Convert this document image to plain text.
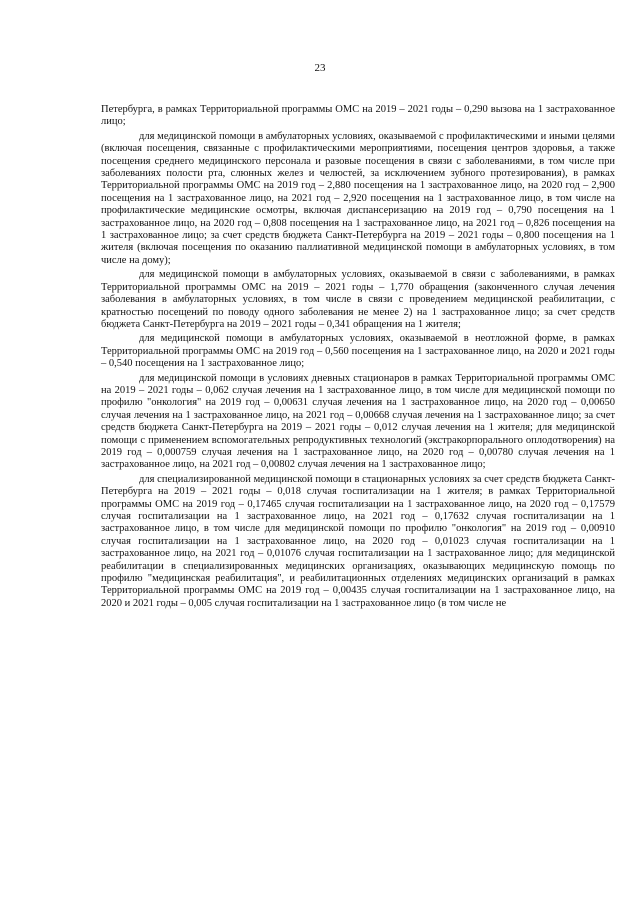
23

Петербурга, в рамках Территориальной программы ОМС на 2019 – 2021 годы – 0,290 вызова на 1 застрахованное лицо;

для медицинской помощи в амбулаторных условиях, оказываемой с профилактическими и иными целями (включая посещения, связанные с профилактическими мероприятиями, посещения центров здоровья, а также посещения среднего медицинского персонала и разовые посещения в связи с заболеваниями, в том числе при заболеваниях полости рта, слюнных желез и челюстей, за исключением зубного протезирования), в рамках Территориальной программы ОМС на 2019 год – 2,880 посещения на 1 застрахованное лицо, на 2020 год – 2,900 посещения на 1 застрахованное лицо, на 2021 год – 2,920 посещения на 1 застрахованное лицо, в том числе на профилактические медицинские осмотры, включая диспансеризацию на 2019 год – 0,790 посещения на 1 застрахованное лицо, на 2020 год – 0,808 посещения на 1 застрахованное лицо, на 2021 год – 0,826 посещения на 1 застрахованное лицо; за счет средств бюджета Санкт-Петербурга на 2019 – 2021 годы – 0,800 посещения на 1 жителя (включая посещения по оказанию паллиативной медицинской помощи в амбулаторных условиях, в том числе на дому);

для медицинской помощи в амбулаторных условиях, оказываемой в связи с заболеваниями, в рамках Территориальной программы ОМС на 2019 – 2021 годы – 1,770 обращения (законченного случая лечения заболевания в амбулаторных условиях, в том числе в связи с проведением медицинской реабилитации, с кратностью посещений по поводу одного заболевания не менее 2) на 1 застрахованное лицо; за счет средств бюджета Санкт-Петербурга на 2019 – 2021 годы – 0,341 обращения на 1 жителя;

для медицинской помощи в амбулаторных условиях, оказываемой в неотложной форме, в рамках Территориальной программы ОМС на 2019 год – 0,560 посещения на 1 застрахованное лицо, на 2020 и 2021 годы – 0,540 посещения на 1 застрахованное лицо;

для медицинской помощи в условиях дневных стационаров в рамках Территориальной программы ОМС на 2019 – 2021 годы – 0,062 случая лечения на 1 застрахованное лицо, в том числе для медицинской помощи по профилю "онкология" на 2019 год – 0,00631 случая лечения на 1 застрахованное лицо, на 2020 год – 0,00650 случая лечения на 1 застрахованное лицо, на 2021 год – 0,00668 случая лечения на 1 застрахованное лицо; за счет средств бюджета Санкт-Петербурга на 2019 – 2021 годы – 0,012 случая лечения на 1 жителя; для медицинской помощи с применением вспомогательных репродуктивных технологий (экстракорпорального оплодотворения) на 2019 год – 0,000759 случая лечения на 1 застрахованное лицо, на 2020 год – 0,00780 случая лечения на 1 застрахованное лицо, на 2021 год – 0,00802 случая лечения на 1 застрахованное лицо;

для специализированной медицинской помощи в стационарных условиях за счет средств бюджета Санкт-Петербурга на 2019 – 2021 годы – 0,018 случая госпитализации на 1 жителя; в рамках Территориальной программы ОМС на 2019 год – 0,17465 случая госпитализации на 1 застрахованное лицо, на 2020 год – 0,17579 случая госпитализации на 1 застрахованное лицо, на 2021 год – 0,17632 случая госпитализации на 1 застрахованное лицо, в том числе для медицинской помощи по профилю "онкология" на 2019 год – 0,00910 случая госпитализации на 1 застрахованное лицо, на 2020 год – 0,01023 случая госпитализации на 1 застрахованное лицо, на 2021 год – 0,01076 случая госпитализации на 1 застрахованное лицо; для медицинской реабилитации в специализированных медицинских организациях, оказывающих медицинскую помощь по профилю "медицинская реабилитация", и реабилитационных отделениях медицинских организаций в рамках Территориальной программы ОМС на 2019 год – 0,00435 случая госпитализации на 1 застрахованное лицо, на 2020 и 2021 годы – 0,005 случая госпитализации на 1 застрахованное лицо (в том числе не
